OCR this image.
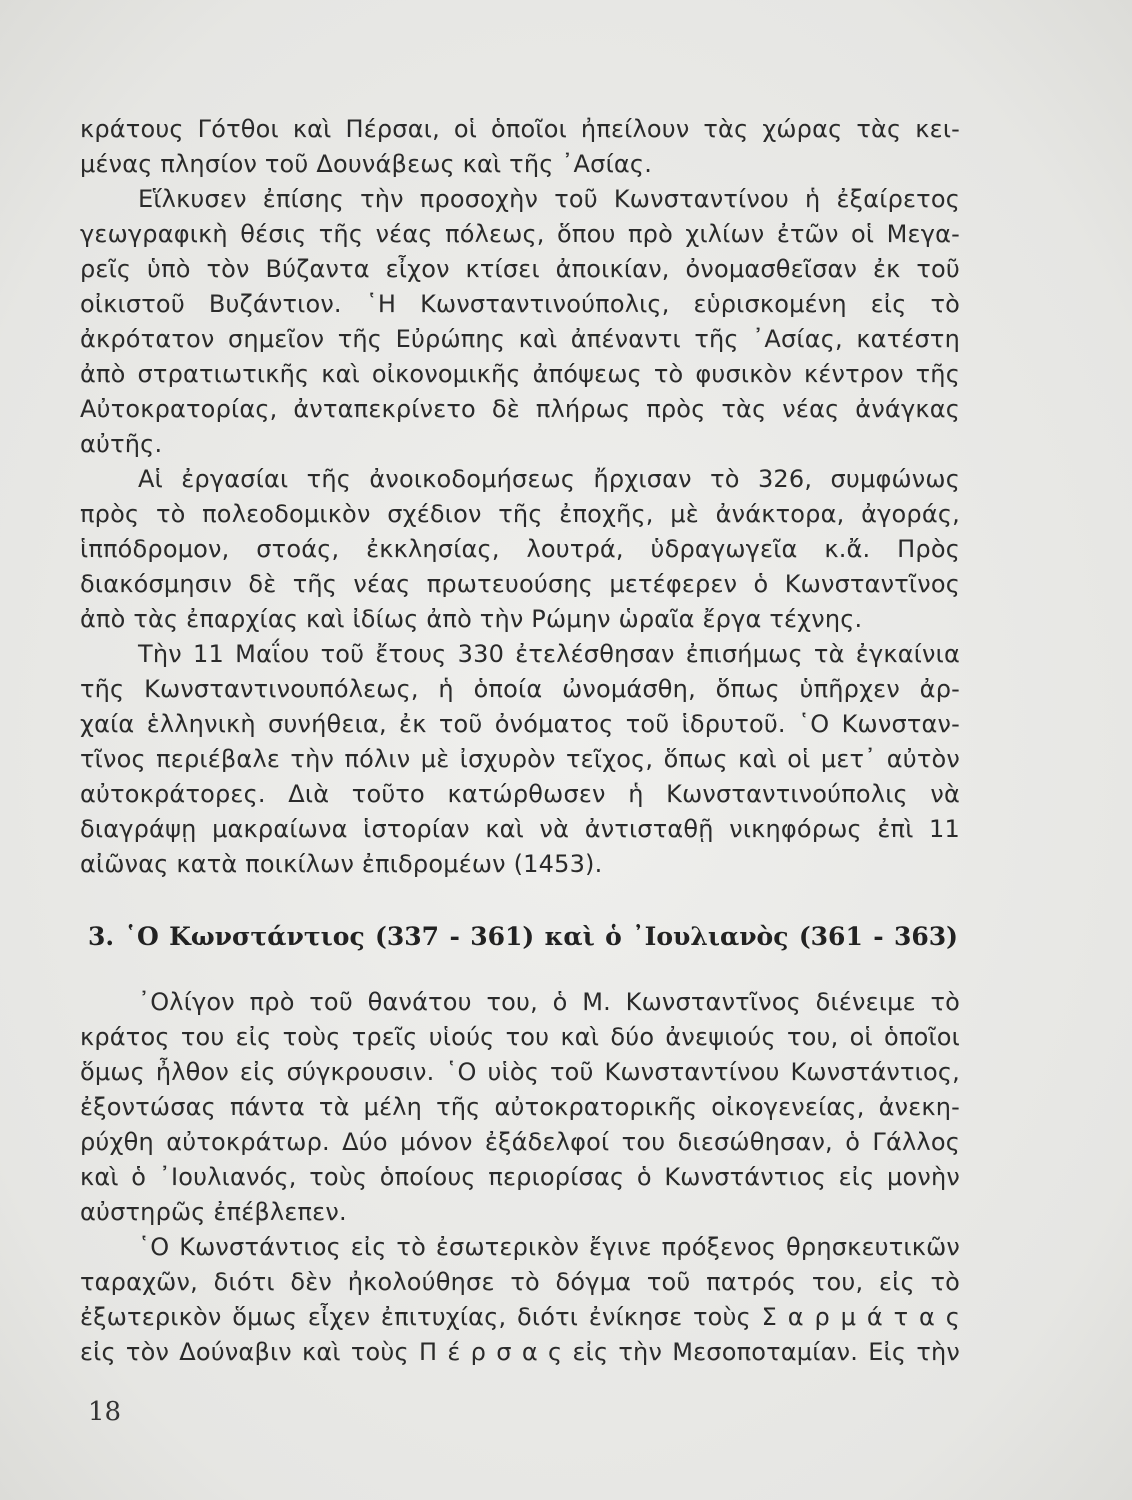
κράτους Γότθοι καὶ Πέρσαι, οἱ ὁποῖοι ἠπείλουν τὰς χώρας τὰς κει-
μένας πλησίον τοῦ Δουνάβεως καὶ τῆς ᾿Ασίας.
Εἵλκυσεν ἐπίσης τὴν προσοχὴν τοῦ Κωνσταντίνου ἡ ἐξαίρετος
γεωγραφικὴ θέσις τῆς νέας πόλεως, ὅπου πρὸ χιλίων ἐτῶν οἱ Μεγα-
ρεῖς ὑπὸ τὸν Βύζαντα εἶχον κτίσει ἀποικίαν, ὀνομασθεῖσαν ἐκ τοῦ
οἰκιστοῦ Βυζάντιον. ῾Η Κωνσταντινούπολις, εὑρισκομένη εἰς τὸ
ἀκρότατον σημεῖον τῆς Εὐρώπης καὶ ἀπέναντι τῆς ᾿Ασίας, κατέστη
ἀπὸ στρατιωτικῆς καὶ οἰκονομικῆς ἀπόψεως τὸ φυσικὸν κέντρον τῆς
Αὐτοκρατορίας, ἀνταπεκρίνετο δὲ πλήρως πρὸς τὰς νέας ἀνάγκας
αὐτῆς.
Αἱ ἐργασίαι τῆς ἀνοικοδομήσεως ἤρχισαν τὸ 326, συμφώνως
πρὸς τὸ πολεοδομικὸν σχέδιον τῆς ἐποχῆς, μὲ ἀνάκτορα, ἀγοράς,
ἱππόδρομον, στοάς, ἐκκλησίας, λουτρά, ὑδραγωγεῖα κ.ἄ. Πρὸς
διακόσμησιν δὲ τῆς νέας πρωτευούσης μετέφερεν ὁ Κωνσταντῖνος
ἀπὸ τὰς ἐπαρχίας καὶ ἰδίως ἀπὸ τὴν Ρώμην ὡραῖα ἔργα τέχνης.
Τὴν 11 Μαΐου τοῦ ἔτους 330 ἐτελέσθησαν ἐπισήμως τὰ ἐγκαίνια
τῆς Κωνσταντινουπόλεως, ἡ ὁποία ὠνομάσθη, ὅπως ὑπῆρχεν ἀρ-
χαία ἑλληνικὴ συνήθεια, ἐκ τοῦ ὀνόματος τοῦ ἱδρυτοῦ. ῾Ο Κωνσταν-
τῖνος περιέβαλε τὴν πόλιν μὲ ἰσχυρὸν τεῖχος, ὅπως καὶ οἱ μετ᾿ αὐτὸν
αὐτοκράτορες. Διὰ τοῦτο κατώρθωσεν ἡ Κωνσταντινούπολις νὰ
διαγράψῃ μακραίωνα ἱστορίαν καὶ νὰ ἀντισταθῇ νικηφόρως ἐπὶ 11
αἰῶνας κατὰ ποικίλων ἐπιδρομέων (1453).
3. ῾Ο Κωνστάντιος (337 - 361) καὶ ὁ ᾿Ιουλιανὸς (361 - 363)
᾿Ολίγον πρὸ τοῦ θανάτου του, ὁ Μ. Κωνσταντῖνος διένειμε τὸ
κράτος του εἰς τοὺς τρεῖς υἱούς του καὶ δύο ἀνεψιούς του, οἱ ὁποῖοι
ὅμως ἦλθον εἰς σύγκρουσιν. ῾Ο υἱὸς τοῦ Κωνσταντίνου Κωνστάντιος,
ἐξοντώσας πάντα τὰ μέλη τῆς αὐτοκρατορικῆς οἰκογενείας, ἀνεκη-
ρύχθη αὐτοκράτωρ. Δύο μόνον ἐξάδελφοί του διεσώθησαν, ὁ Γάλλος
καὶ ὁ ᾿Ιουλιανός, τοὺς ὁποίους περιορίσας ὁ Κωνστάντιος εἰς μονὴν
αὐστηρῶς ἐπέβλεπεν.
῾Ο Κωνστάντιος εἰς τὸ ἐσωτερικὸν ἔγινε πρόξενος θρησκευτικῶν
ταραχῶν, διότι δὲν ἠκολούθησε τὸ δόγμα τοῦ πατρός του, εἰς τὸ
ἐξωτερικὸν ὅμως εἶχεν ἐπιτυχίας, διότι ἐνίκησε τοὺς Σ α ρ μ ά τ α ς
εἰς τὸν Δούναβιν καὶ τοὺς Π έ ρ σ α ς εἰς τὴν Μεσοποταμίαν. Εἰς τὴν
18
